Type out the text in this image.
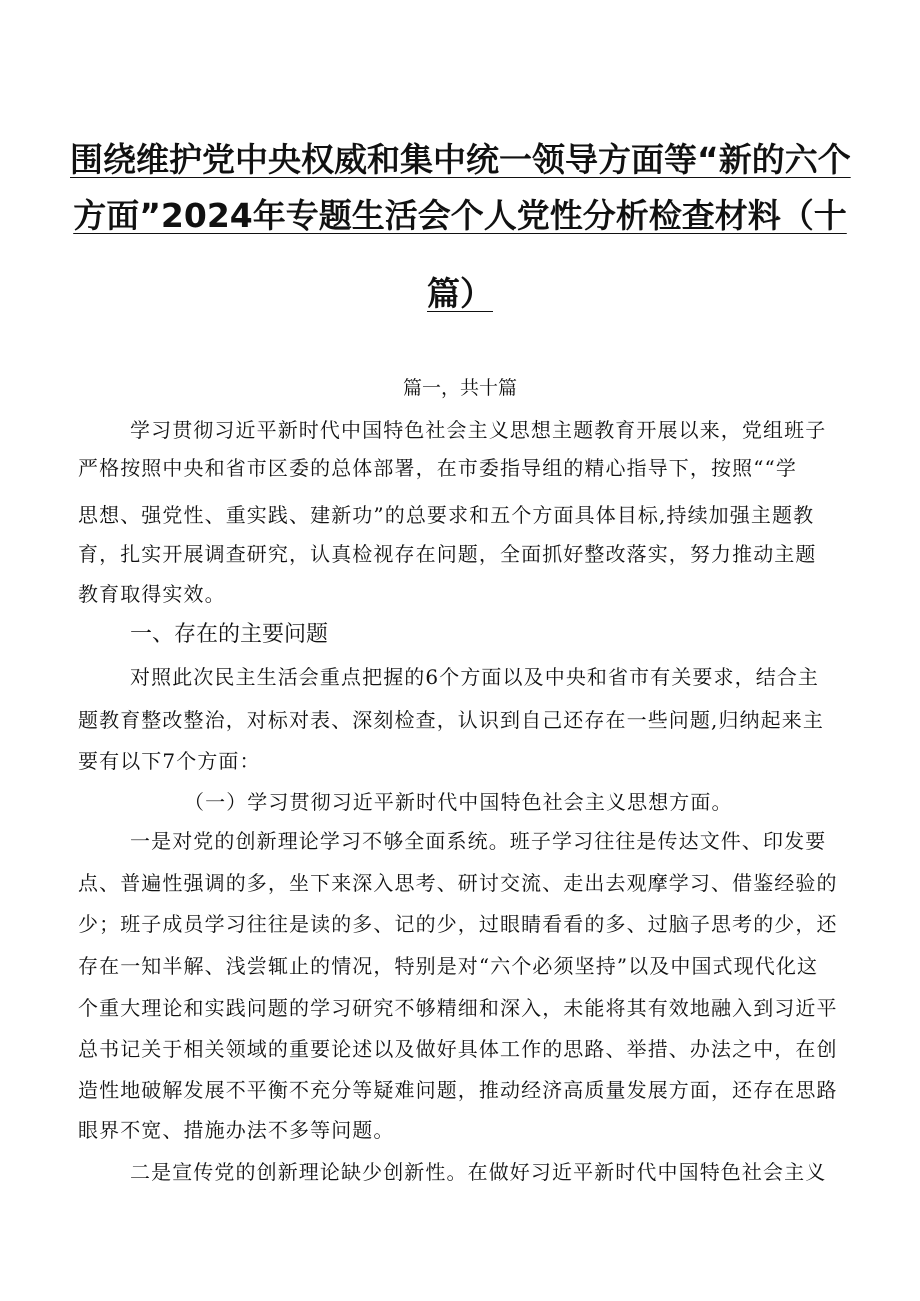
围绕维护党中央权威和集中统一领导方面等“新的六个
方面”2024年专题生活会个人党性分析检查材料（十
篇）
篇一，共十篇
学习贯彻习近平新时代中国特色社会主义思想主题教育开展以来，党组班子
严格按照中央和省市区委的总体部署，在市委指导组的精心指导下，按照““学
思想、强党性、重实践、建新功”的总要求和五个方面具体目标,持续加强主题教
育，扎实开展调查研究，认真检视存在问题，全面抓好整改落实，努力推动主题
教育取得实效。
一、存在的主要问题
对照此次民主生活会重点把握的6个方面以及中央和省市有关要求，结合主
题教育整改整治，对标对表、深刻检查，认识到自己还存在一些问题,归纳起来主
要有以下7个方面：
（一）学习贯彻习近平新时代中国特色社会主义思想方面。
一是对党的创新理论学习不够全面系统。班子学习往往是传达文件、印发要
点、普遍性强调的多，坐下来深入思考、研讨交流、走出去观摩学习、借鉴经验的
少；班子成员学习往往是读的多、记的少，过眼睛看看的多、过脑子思考的少，还
存在一知半解、浅尝辄止的情况，特别是对“六个必须坚持”以及中国式现代化这
个重大理论和实践问题的学习研究不够精细和深入，未能将其有效地融入到习近平
总书记关于相关领域的重要论述以及做好具体工作的思路、举措、办法之中，在创
造性地破解发展不平衡不充分等疑难问题，推动经济高质量发展方面，还存在思路
眼界不宽、措施办法不多等问题。
二是宣传党的创新理论缺少创新性。在做好习近平新时代中国特色社会主义
